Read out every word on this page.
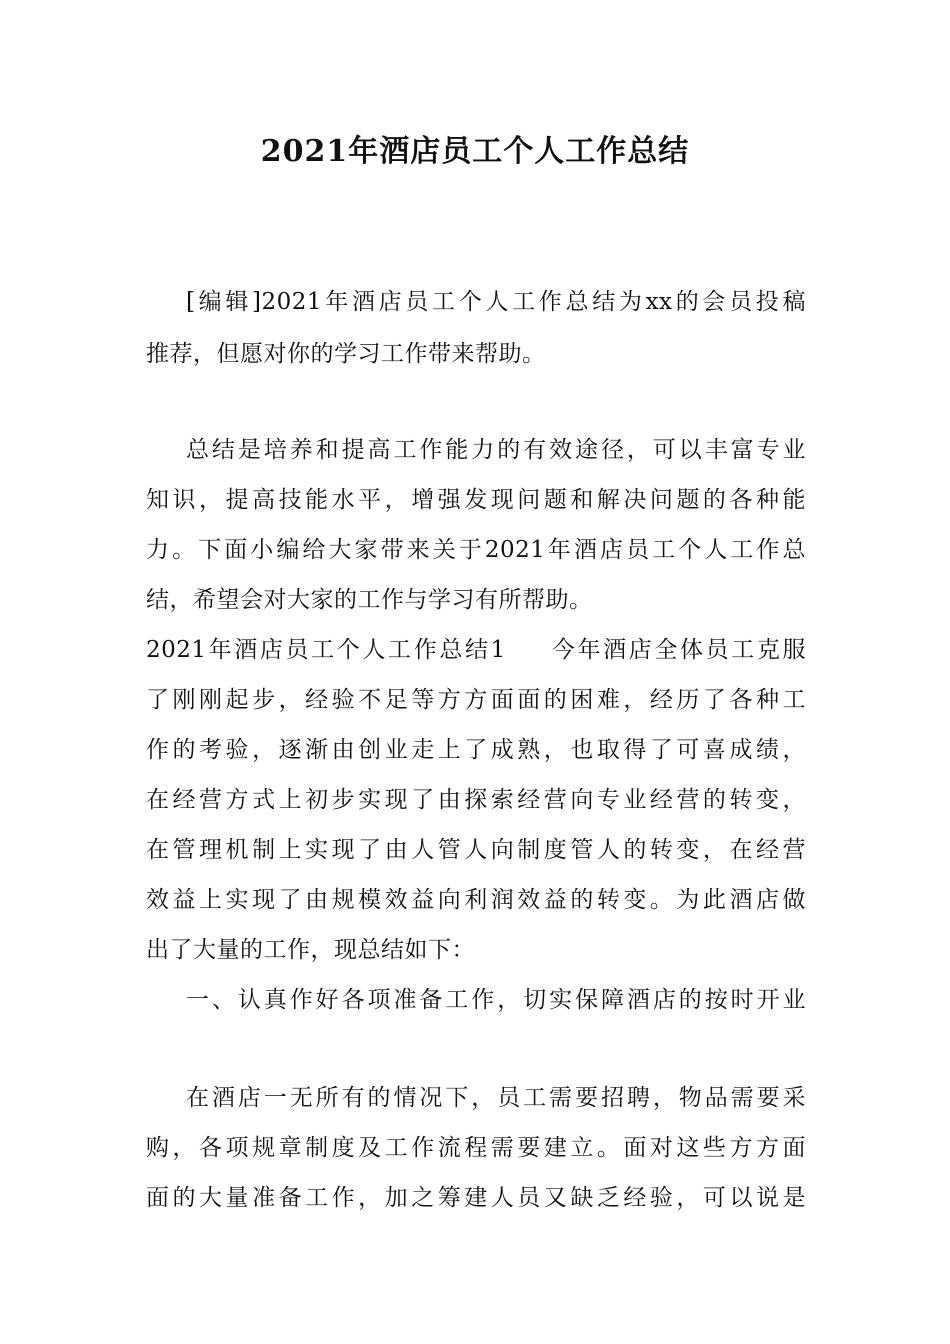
2021年酒店员工个人工作总结

[编辑]2021年酒店员工个人工作总结为xx的会员投稿

推荐，但愿对你的学习工作带来帮助。

总结是培养和提高工作能力的有效途径，可以丰富专业

知识，提高技能水平，增强发现问题和解决问题的各种能

力。下面小编给大家带来关于2021年酒店员工个人工作总

结，希望会对大家的工作与学习有所帮助。

2021年酒店员工个人工作总结1 今年酒店全体员工克服

了刚刚起步，经验不足等方方面面的困难，经历了各种工

作的考验，逐渐由创业走上了成熟，也取得了可喜成绩，

在经营方式上初步实现了由探索经营向专业经营的转变，

在管理机制上实现了由人管人向制度管人的转变，在经营

效益上实现了由规模效益向利润效益的转变。为此酒店做

出了大量的工作，现总结如下：

一、认真作好各项准备工作，切实保障酒店的按时开业

在酒店一无所有的情况下，员工需要招聘，物品需要采

购，各项规章制度及工作流程需要建立。面对这些方方面

面的大量准备工作，加之筹建人员又缺乏经验，可以说是
